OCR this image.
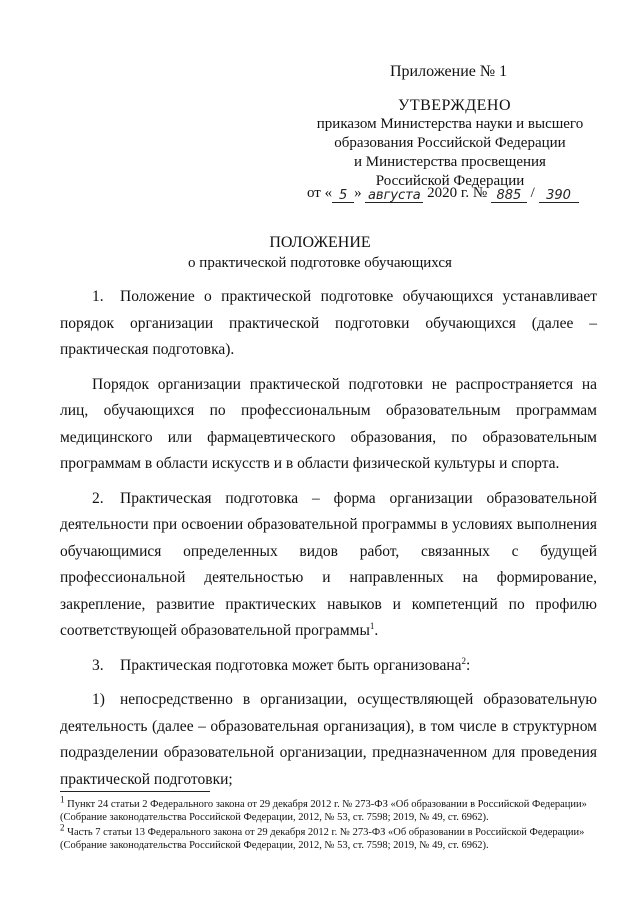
Приложение № 1
УТВЕРЖДЕНО
приказом Министерства науки и высшего
образования Российской Федерации
и Министерства просвещения
Российской Федерации
от « 5 » августа 2020 г. № 885 / 390
ПОЛОЖЕНИЕ
о практической подготовке обучающихся

1. Положение о практической подготовке обучающихся устанавливает порядок организации практической подготовки обучающихся (далее – практическая подготовка).

Порядок организации практической подготовки не распространяется на лиц, обучающихся по профессиональным образовательным программам медицинского или фармацевтического образования, по образовательным программам в области искусств и в области физической культуры и спорта.

2. Практическая подготовка – форма организации образовательной деятельности при освоении образовательной программы в условиях выполнения обучающимися определенных видов работ, связанных с будущей профессиональной деятельностью и направленных на формирование, закрепление, развитие практических навыков и компетенций по профилю соответствующей образовательной программы$^1$.

3. Практическая подготовка может быть организована$^2$:

1) непосредственно в организации, осуществляющей образовательную деятельность (далее – образовательная организация), в том числе в структурном подразделении образовательной организации, предназначенном для проведения практической подготовки;

$^1$ Пункт 24 статьи 2 Федерального закона от 29 декабря 2012 г. № 273-ФЗ «Об образовании в Российской Федерации» (Собрание законодательства Российской Федерации, 2012, № 53, ст. 7598; 2019, № 49, ст. 6962).
$^2$ Часть 7 статьи 13 Федерального закона от 29 декабря 2012 г. № 273-ФЗ «Об образовании в Российской Федерации» (Собрание законодательства Российской Федерации, 2012, № 53, ст. 7598; 2019, № 49, ст. 6962).
